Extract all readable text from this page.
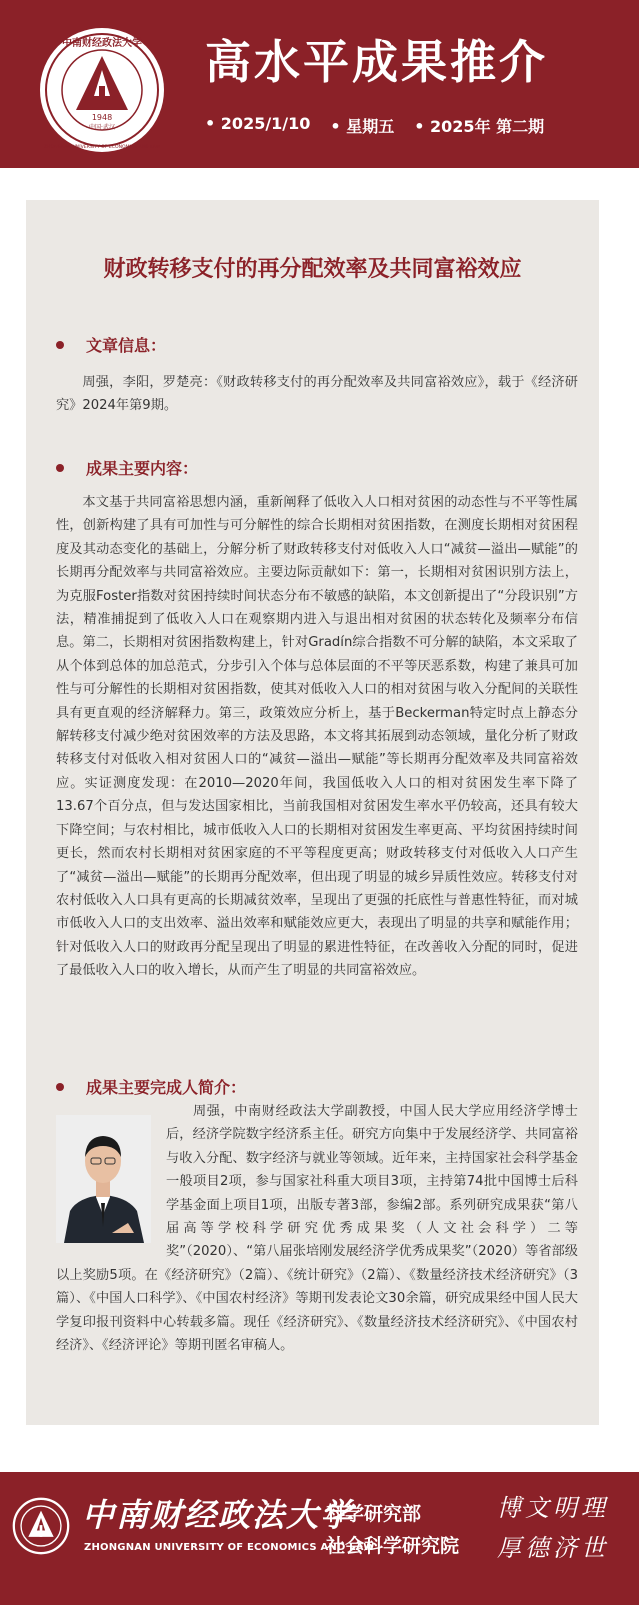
1948
中国·武汉
中南财经政法大学
ZHONGNAN UNIVERSITY OF ECONOMICS AND LAW
高水平成果推介
• 2025/1/10	• 星期五	• 2025年 第二期
财政转移支付的再分配效率及共同富裕效应
文章信息：

周强，李阳，罗楚亮：《财政转移支付的再分配效率及共同富裕效应》，载于《经济研究》2024年第9期。

成果主要内容：

本文基于共同富裕思想内涵，重新阐释了低收入人口相对贫困的动态性与不平等性属性，创新构建了具有可加性与可分解性的综合长期相对贫困指数，在测度长期相对贫困程度及其动态变化的基础上，分解分析了财政转移支付对低收入人口“减贫—溢出—赋能”的长期再分配效率与共同富裕效应。主要边际贡献如下：第一，长期相对贫困识别方法上，为克服Foster指数对贫困持续时间状态分布不敏感的缺陷，本文创新提出了“分段识别”方法，精准捕捉到了低收入人口在观察期内进入与退出相对贫困的状态转化及频率分布信息。第二，长期相对贫困指数构建上，针对Gradín综合指数不可分解的缺陷，本文采取了从个体到总体的加总范式，分步引入个体与总体层面的不平等厌恶系数，构建了兼具可加性与可分解性的长期相对贫困指数，使其对低收入人口的相对贫困与收入分配间的关联性具有更直观的经济解释力。第三，政策效应分析上，基于Beckerman特定时点上静态分解转移支付减少绝对贫困效率的方法及思路，本文将其拓展到动态领域，量化分析了财政转移支付对低收入相对贫困人口的“减贫—溢出—赋能”等长期再分配效率及共同富裕效应。实证测度发现：在2010—2020年间，我国低收入人口的相对贫困发生率下降了13.67个百分点，但与发达国家相比，当前我国相对贫困发生率水平仍较高，还具有较大下降空间；与农村相比，城市低收入人口的长期相对贫困发生率更高、平均贫困持续时间更长，然而农村长期相对贫困家庭的不平等程度更高；财政转移支付对低收入人口产生了“减贫—溢出—赋能”的长期再分配效率，但出现了明显的城乡异质性效应。转移支付对农村低收入人口具有更高的长期减贫效率，呈现出了更强的托底性与普惠性特征，而对城市低收入人口的支出效率、溢出效率和赋能效应更大，表现出了明显的共享和赋能作用；针对低收入人口的财政再分配呈现出了明显的累进性特征，在改善收入分配的同时，促进了最低收入人口的收入增长，从而产生了明显的共同富裕效应。

成果主要完成人简介：
周强，中南财经政法大学副教授，中国人民大学应用经济学博士后，经济学院数字经济系主任。研究方向集中于发展经济学、共同富裕与收入分配、数字经济与就业等领域。近年来，主持国家社会科学基金一般项目2项，参与国家社科重大项目3项，主持第74批中国博士后科学基金面上项目1项，出版专著3部，参编2部。系列研究成果获“第八届高等学校科学研究优秀成果奖（人文社会科学）二等奖”（2020）、“第八届张培刚发展经济学优秀成果奖”（2020）等省部级以上奖励5项。在《经济研究》（2篇）、《统计研究》（2篇）、《数量经济技术经济研究》（3篇）、《中国人口科学》、《中国农村经济》等期刊发表论文30余篇，研究成果经中国人民大学复印报刊资料中心转载多篇。现任《经济研究》、《数量经济技术经济研究》、《中国农村经济》、《经济评论》等期刊匿名审稿人。
中南财经政法大学
ZHONGNAN UNIVERSITY OF ECONOMICS AND LAW
科学研究部
社会科学研究院
博文明理
厚德济世
